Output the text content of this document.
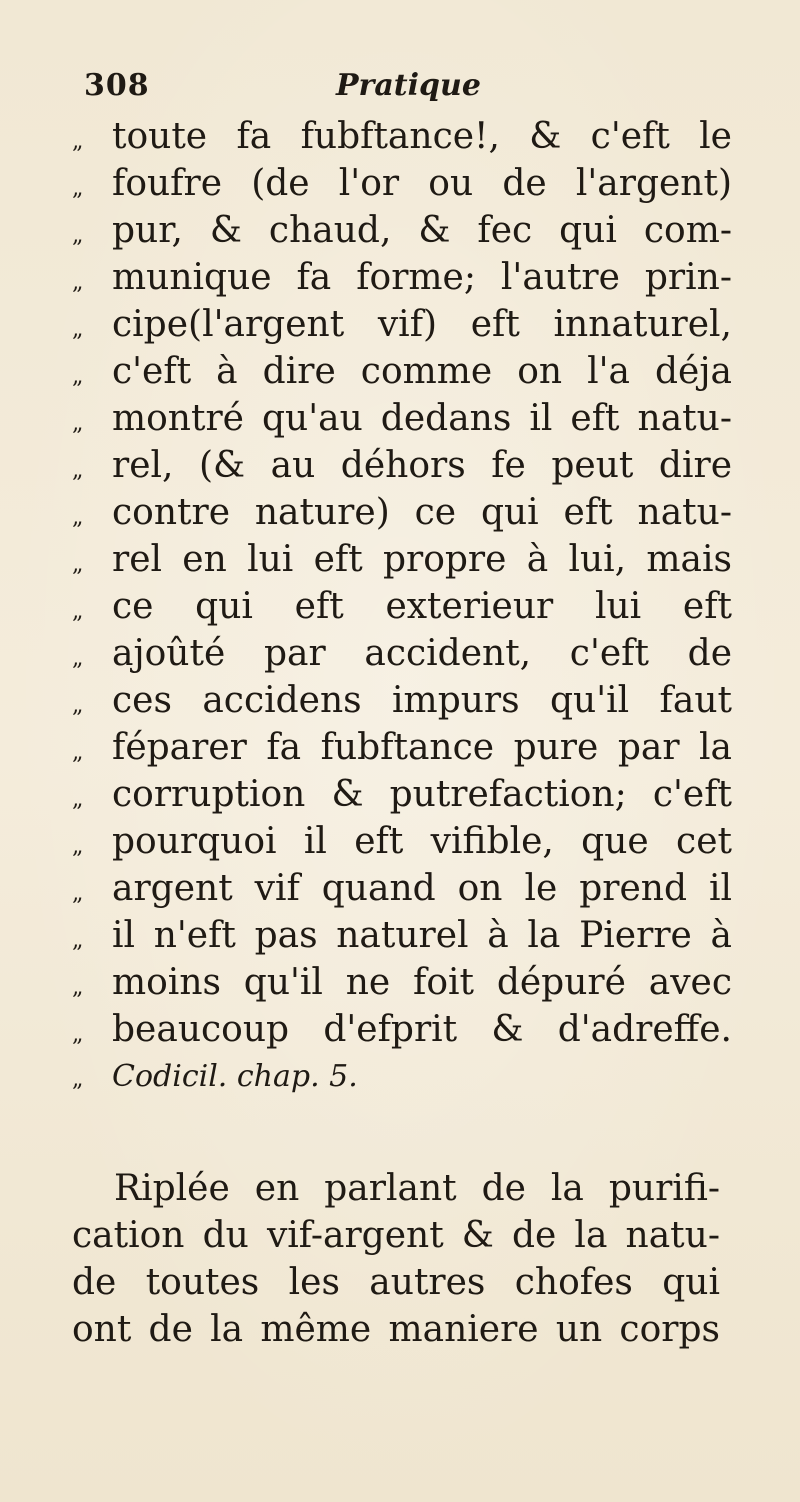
308	Pratique
„ toute fa fubftance!, & c'eft le
„ foufre (de l'or ou de l'argent)
„ pur, & chaud, & fec qui com-
„ munique fa forme; l'autre prin-
„ cipe(l'argent vif) eft innaturel,
„ c'eft à dire comme on l'a déja
„ montré qu'au dedans il eft natu-
„ rel, (& au déhors fe peut dire
„ contre nature) ce qui eft natu-
„ rel en lui eft propre à lui, mais
„ ce qui eft exterieur lui eft
„ ajoûté par accident, c'eft de
„ ces accidens impurs qu'il faut
„ féparer fa fubftance pure par la
„ corruption & putrefaction; c'eft
„ pourquoi il eft vifible, que cet
„ argent vif quand on le prend il
„ il n'eft pas naturel à la Pierre à
„ moins qu'il ne foit dépuré avec
„ beaucoup d'efprit & d'adreffe.
„ Codicil. chap. 5.
Riplée en parlant de la purifi-
cation du vif-argent & de la natu-
de toutes les autres chofes qui
ont de la même maniere un corps
